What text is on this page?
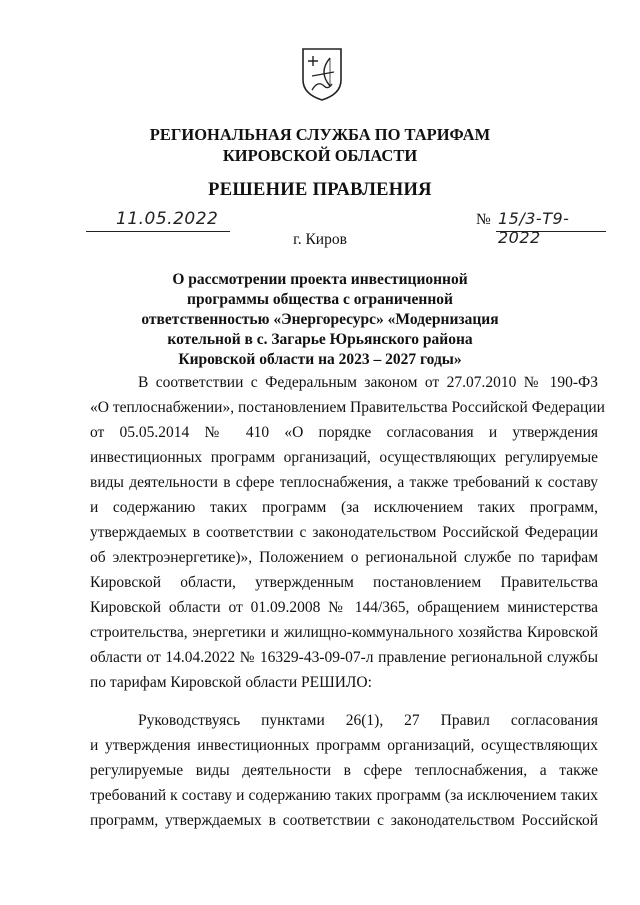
РЕГИОНАЛЬНАЯ СЛУЖБА ПО ТАРИФАМ
КИРОВСКОЙ ОБЛАСТИ
РЕШЕНИЕ ПРАВЛЕНИЯ
11.05.2022	№ 15/3-Т9-2022
г. Киров
О рассмотрении проекта инвестиционной
программы общества с ограниченной
ответственностью «Энергоресурс» «Модернизация
котельной в с. Загарье Юрьянского района
Кировской области на 2023 – 2027 годы»
В соответствии с Федеральным законом от 27.07.2010 № 190-ФЗ
«О теплоснабжении», постановлением Правительства Российской Федерации
от 05.05.2014 № 410 «О порядке согласования и утверждения
инвестиционных программ организаций, осуществляющих регулируемые
виды деятельности в сфере теплоснабжения, а также требований к составу
и содержанию таких программ (за исключением таких программ,
утверждаемых в соответствии с законодательством Российской Федерации
об электроэнергетике)», Положением о региональной службе по тарифам
Кировской области, утвержденным постановлением Правительства
Кировской области от 01.09.2008 № 144/365, обращением министерства
строительства, энергетики и жилищно-коммунального хозяйства Кировской
области от 14.04.2022 № 16329-43-09-07-л правление региональной службы
по тарифам Кировской области РЕШИЛО:
Руководствуясь пунктами 26(1), 27 Правил согласования
и утверждения инвестиционных программ организаций, осуществляющих
регулируемые виды деятельности в сфере теплоснабжения, а также
требований к составу и содержанию таких программ (за исключением таких
программ, утверждаемых в соответствии с законодательством Российской
